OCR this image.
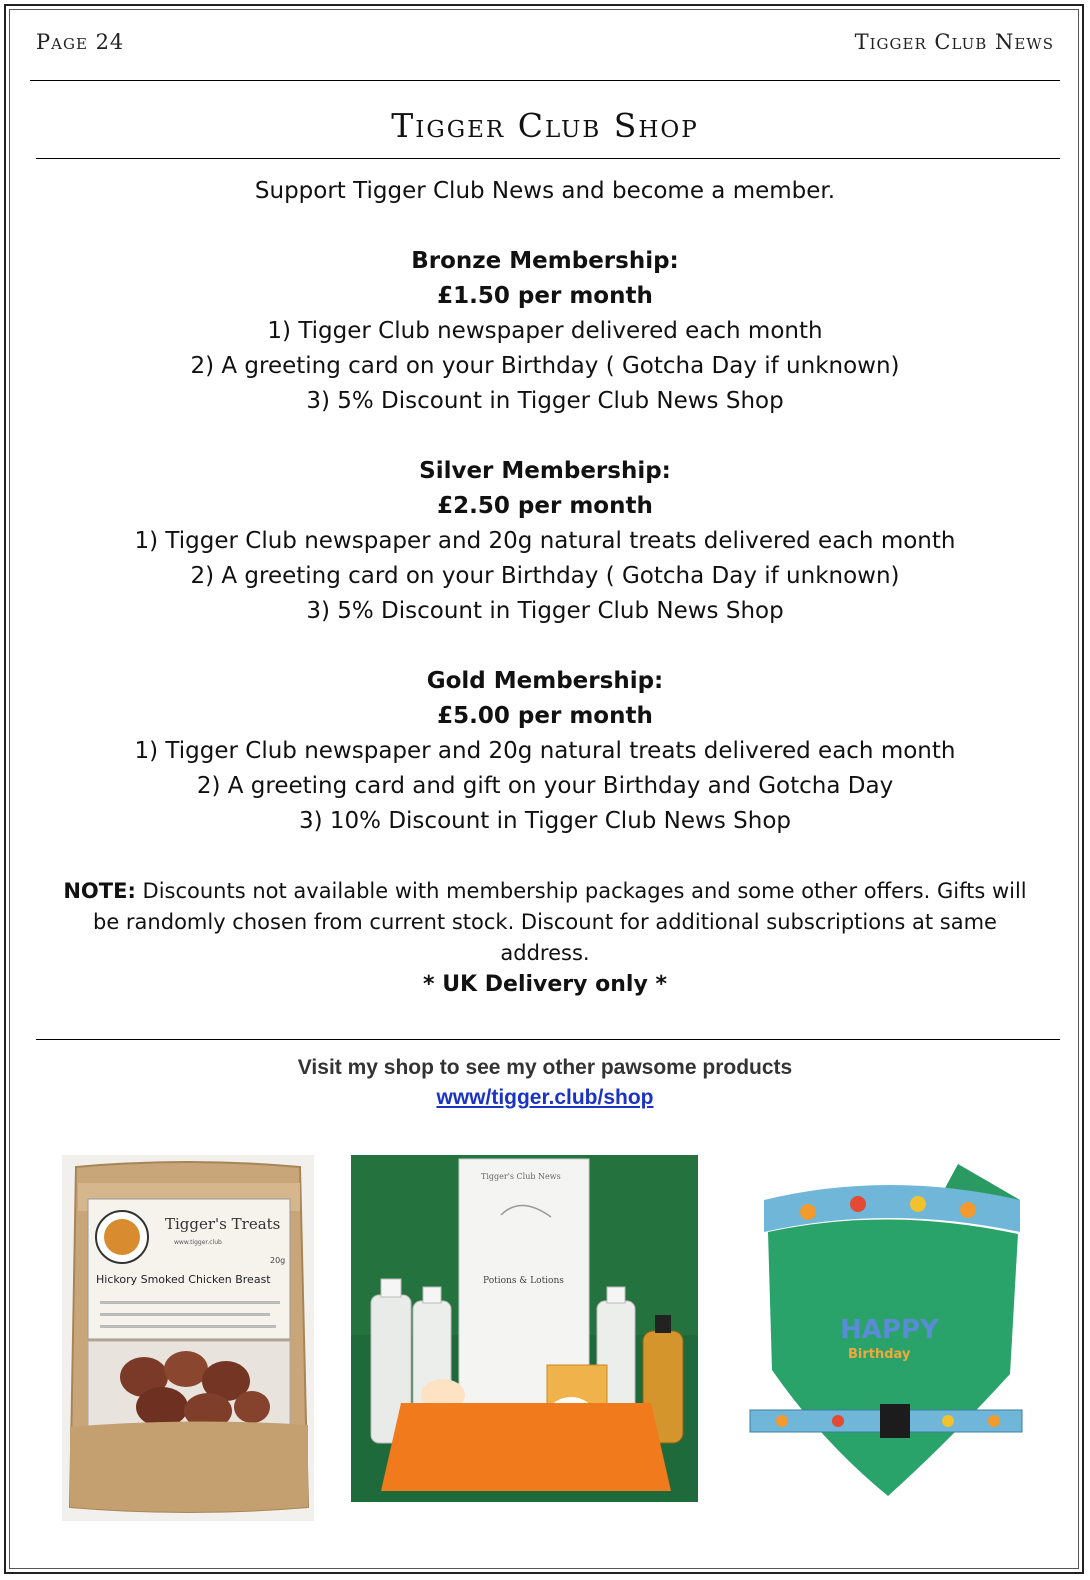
Page 24	Tigger Club News
Tigger Club Shop
Support Tigger Club News and become a member.
Bronze Membership:
£1.50 per month
1) Tigger Club newspaper delivered each month
2) A greeting card on your Birthday ( Gotcha Day if unknown)
3) 5% Discount in Tigger Club News Shop
Silver Membership:
£2.50 per month
1) Tigger Club newspaper and 20g natural treats delivered each month
2) A greeting card on your Birthday ( Gotcha Day if unknown)
3) 5% Discount in Tigger Club News Shop
Gold Membership:
£5.00 per month
1) Tigger Club newspaper and 20g natural treats delivered each month
2) A greeting card and gift on your Birthday and Gotcha Day
3) 10% Discount in Tigger Club News Shop
NOTE: Discounts not available with membership packages and some other offers. Gifts will be randomly chosen from current stock. Discount for additional subscriptions at same address.
* UK Delivery only *
Visit my shop to see my other pawsome products
www/tigger.club/shop
Tigger's Treats
www.tigger.club
20g
Hickory Smoked Chicken Breast
Tigger's Club News
Potions & Lotions
HAPPY
Birthday
